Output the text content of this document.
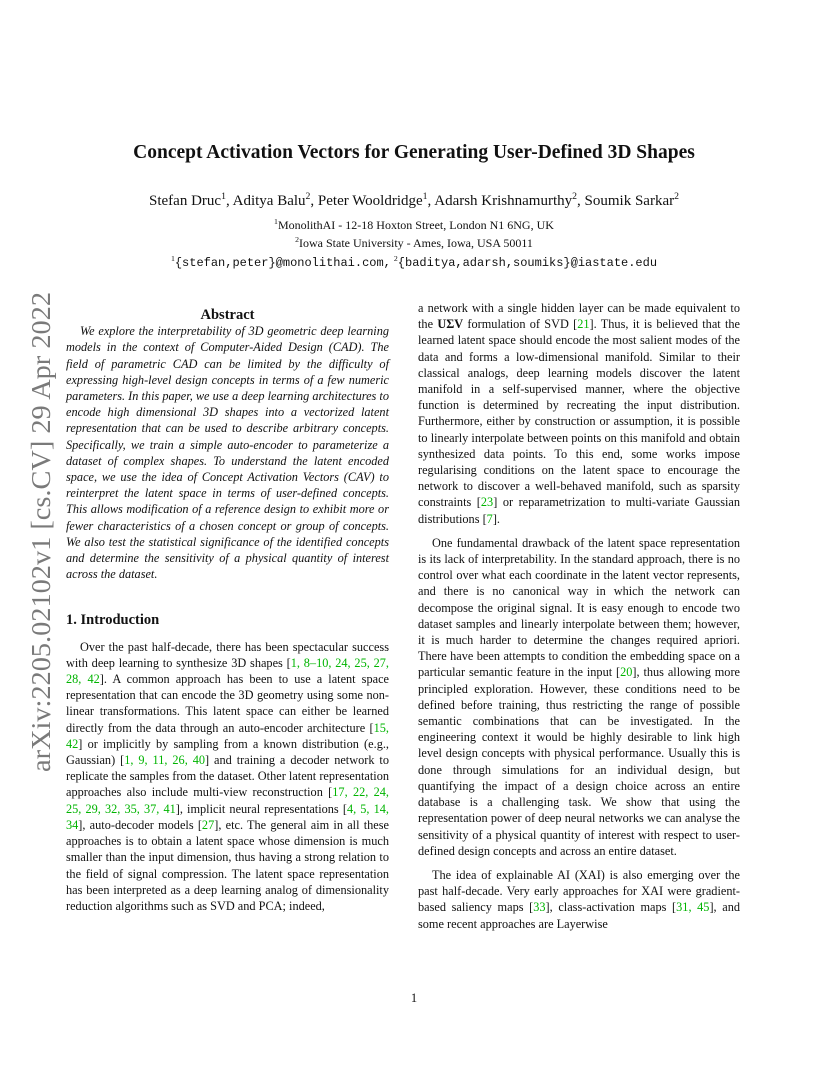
arXiv:2205.02102v1 [cs.CV] 29 Apr 2022
Concept Activation Vectors for Generating User-Defined 3D Shapes
Stefan Druc$^1$, Aditya Balu$^2$, Peter Wooldridge$^1$, Adarsh Krishnamurthy$^2$, Soumik Sarkar$^2$
$^1$MonolithAI - 12-18 Hoxton Street, London N1 6NG, UK
$^2$Iowa State University - Ames, Iowa, USA 50011
$^1${stefan,peter}@monolithai.com, $^2${baditya,adarsh,soumiks}@iastate.edu

Abstract

We explore the interpretability of 3D geometric deep learning models in the context of Computer-Aided Design (CAD). The field of parametric CAD can be limited by the difficulty of expressing high-level design concepts in terms of a few numeric parameters. In this paper, we use a deep learning architectures to encode high dimensional 3D shapes into a vectorized latent representation that can be used to describe arbitrary concepts. Specifically, we train a simple auto-encoder to parameterize a dataset of complex shapes. To understand the latent encoded space, we use the idea of Concept Activation Vectors (CAV) to reinterpret the latent space in terms of user-defined concepts. This allows modification of a reference design to exhibit more or fewer characteristics of a chosen concept or group of concepts. We also test the statistical significance of the identified concepts and determine the sensitivity of a physical quantity of interest across the dataset.

1. Introduction

Over the past half-decade, there has been spectacular success with deep learning to synthesize 3D shapes [1, 8–10, 24, 25, 27, 28, 42]. A common approach has been to use a latent space representation that can encode the 3D geometry using some non-linear transformations. This latent space can either be learned directly from the data through an auto-encoder architecture [15, 42] or implicitly by sampling from a known distribution (e.g., Gaussian) [1, 9, 11, 26, 40] and training a decoder network to replicate the samples from the dataset. Other latent representation approaches also include multi-view reconstruction [17, 22, 24, 25, 29, 32, 35, 37, 41], implicit neural representations [4, 5, 14, 34], auto-decoder models [27], etc. The general aim in all these approaches is to obtain a latent space whose dimension is much smaller than the input dimension, thus having a strong relation to the field of signal compression. The latent space representation has been interpreted as a deep learning analog of dimensionality reduction algorithms such as SVD and PCA; indeed,

a network with a single hidden layer can be made equivalent to the UΣV formulation of SVD [21]. Thus, it is believed that the learned latent space should encode the most salient modes of the data and forms a low-dimensional manifold. Similar to their classical analogs, deep learning models discover the latent manifold in a self-supervised manner, where the objective function is determined by recreating the input distribution. Furthermore, either by construction or assumption, it is possible to linearly interpolate between points on this manifold and obtain synthesized data points. To this end, some works impose regularising conditions on the latent space to encourage the network to discover a well-behaved manifold, such as sparsity constraints [23] or reparametrization to multi-variate Gaussian distributions [7].

One fundamental drawback of the latent space representation is its lack of interpretability. In the standard approach, there is no control over what each coordinate in the latent vector represents, and there is no canonical way in which the network can decompose the original signal. It is easy enough to encode two dataset samples and linearly interpolate between them; however, it is much harder to determine the changes required apriori. There have been attempts to condition the embedding space on a particular semantic feature in the input [20], thus allowing more principled exploration. However, these conditions need to be defined before training, thus restricting the range of possible semantic combinations that can be investigated. In the engineering context it would be highly desirable to link high level design concepts with physical performance. Usually this is done through simulations for an individual design, but quantifying the impact of a design choice across an entire database is a challenging task. We show that using the representation power of deep neural networks we can analyse the sensitivity of a physical quantity of interest with respect to user-defined design concepts and across an entire dataset.

The idea of explainable AI (XAI) is also emerging over the past half-decade. Very early approaches for XAI were gradient-based saliency maps [33], class-activation maps [31, 45], and some recent approaches are Layerwise

1
